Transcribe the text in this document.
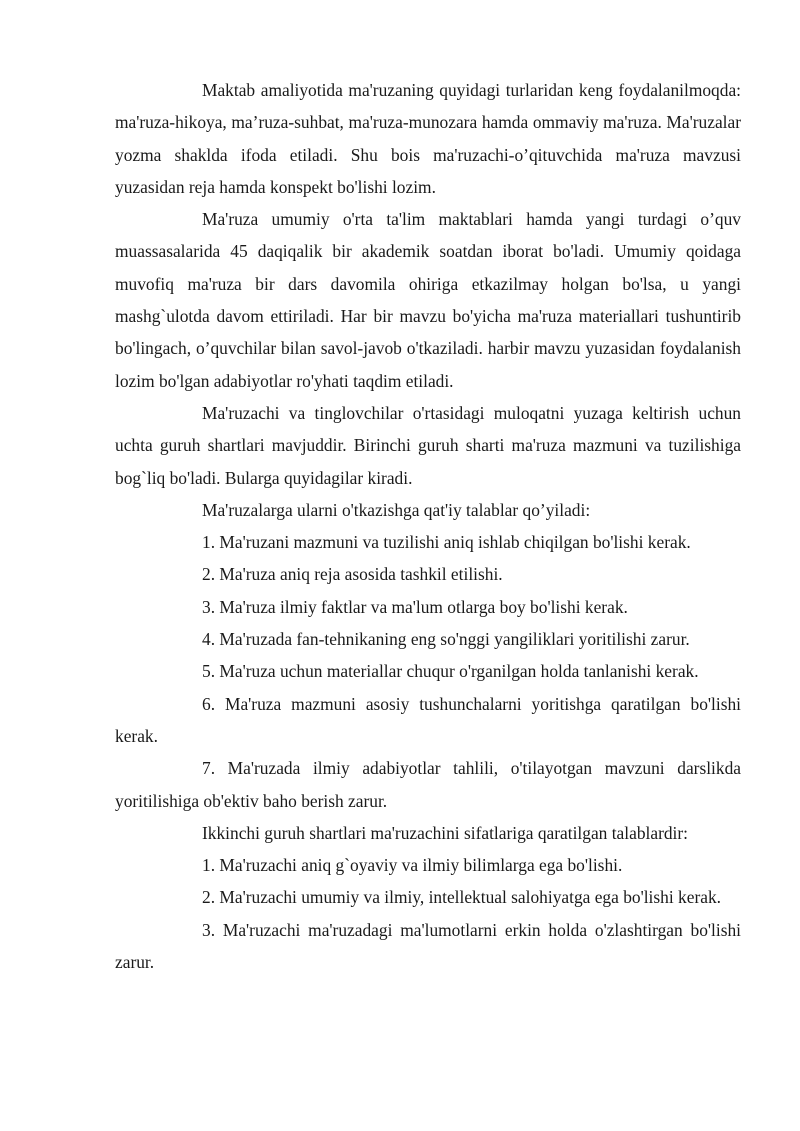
Maktab amaliyotida ma'ruzaning quyidagi turlaridan keng foydalanilmoqda: ma'ruza-hikoya, ma’ruza-suhbat, ma'ruza-munozara hamda ommaviy ma'ruza. Ma'ruzalar yozma shaklda ifoda etiladi. Shu bois ma'ruzachi-o’qituvchida ma'ruza mavzusi yuzasidan reja hamda konspekt bo'lishi lozim.

Ma'ruza umumiy o'rta ta'lim maktablari hamda yangi turdagi o’quv muassasalarida 45 daqiqalik bir akademik soatdan iborat bo'ladi. Umumiy qoidaga muvofiq ma'ruza bir dars davomila ohiriga etkazilmay holgan bo'lsa, u yangi mashg`ulotda davom ettiriladi. Har bir mavzu bo'yicha ma'ruza materiallari tushuntirib bo'lingach, o’quvchilar bilan savol-javob o'tkaziladi. harbir mavzu yuzasidan foydalanish lozim bo'lgan adabiyotlar ro'yhati taqdim etiladi.

Ma'ruzachi va tinglovchilar o'rtasidagi muloqatni yuzaga keltirish uchun uchta guruh shartlari mavjuddir. Birinchi guruh sharti ma'ruza mazmuni va tuzilishiga bog`liq bo'ladi. Bularga quyidagilar kiradi.

Ma'ruzalarga ularni o'tkazishga qat'iy talablar qo’yiladi:

1. Ma'ruzani mazmuni va tuzilishi aniq ishlab chiqilgan bo'lishi kerak.

2. Ma'ruza aniq reja asosida tashkil etilishi.

3. Ma'ruza ilmiy faktlar va ma'lum otlarga boy bo'lishi kerak.

4. Ma'ruzada fan-tehnikaning eng so'nggi yangiliklari yoritilishi zarur.

5. Ma'ruza uchun materiallar chuqur o'rganilgan holda tanlanishi kerak.

6. Ma'ruza mazmuni asosiy tushunchalarni yoritishga qaratilgan bo'lishi kerak.

7. Ma'ruzada ilmiy adabiyotlar tahlili, o'tilayotgan mavzuni darslikda yoritilishiga ob'ektiv baho berish zarur.

Ikkinchi guruh shartlari ma'ruzachini sifatlariga qaratilgan talablardir:

1. Ma'ruzachi aniq g`oyaviy va ilmiy bilimlarga ega bo'lishi.

2. Ma'ruzachi umumiy va ilmiy, intellektual salohiyatga ega bo'lishi kerak.

3. Ma'ruzachi ma'ruzadagi ma'lumotlarni erkin holda o'zlashtirgan bo'lishi zarur.
